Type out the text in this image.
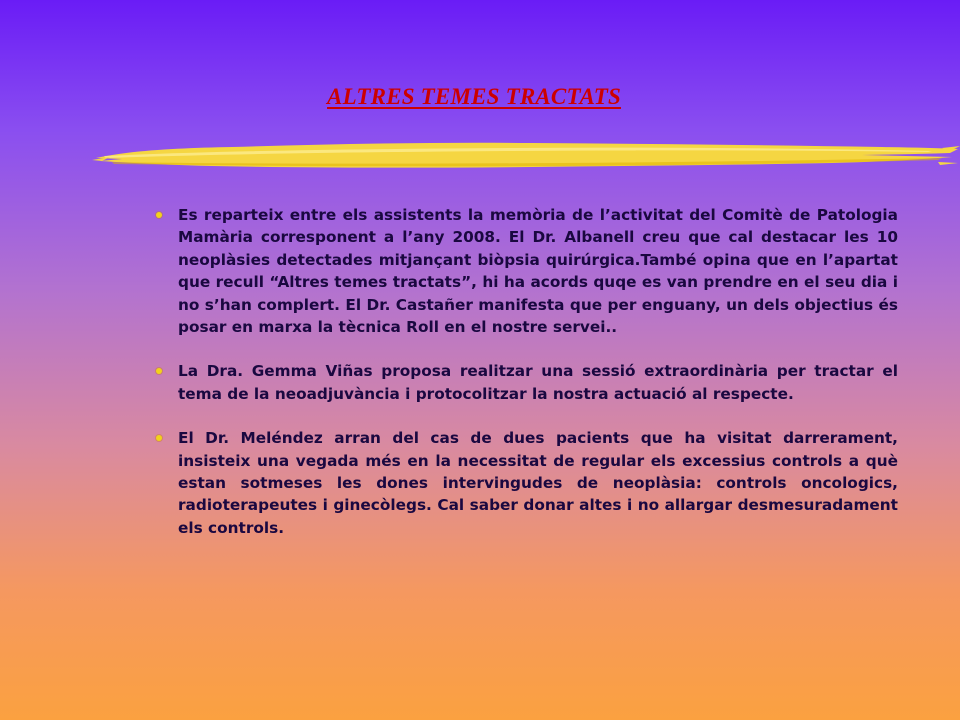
ALTRES TEMES TRACTATS
Es reparteix entre els assistents la memòria de l’activitat del Comitè de Patologia Mamària corresponent a l’any 2008. El Dr. Albanell creu que cal destacar les 10 neoplàsies detectades mitjançant biòpsia quirúrgica.També opina que en l’apartat que recull “Altres temes tractats”, hi ha acords quqe es van prendre en el seu dia i no s’han complert. El Dr. Castañer manifesta que per enguany, un dels objectius és posar en marxa la tècnica Roll en el nostre servei..
La Dra. Gemma Viñas proposa realitzar una sessió extraordinària per tractar el tema de la neoadjuvància i protocolitzar la nostra actuació al respecte.
El Dr. Meléndez arran del cas de dues pacients que ha visitat darrerament, insisteix una vegada més en la necessitat de regular els excessius controls a què estan sotmeses les dones intervingudes de neoplàsia: controls oncologics, radioterapeutes i ginecòlegs. Cal saber donar altes i no allargar desmesuradament els controls.
